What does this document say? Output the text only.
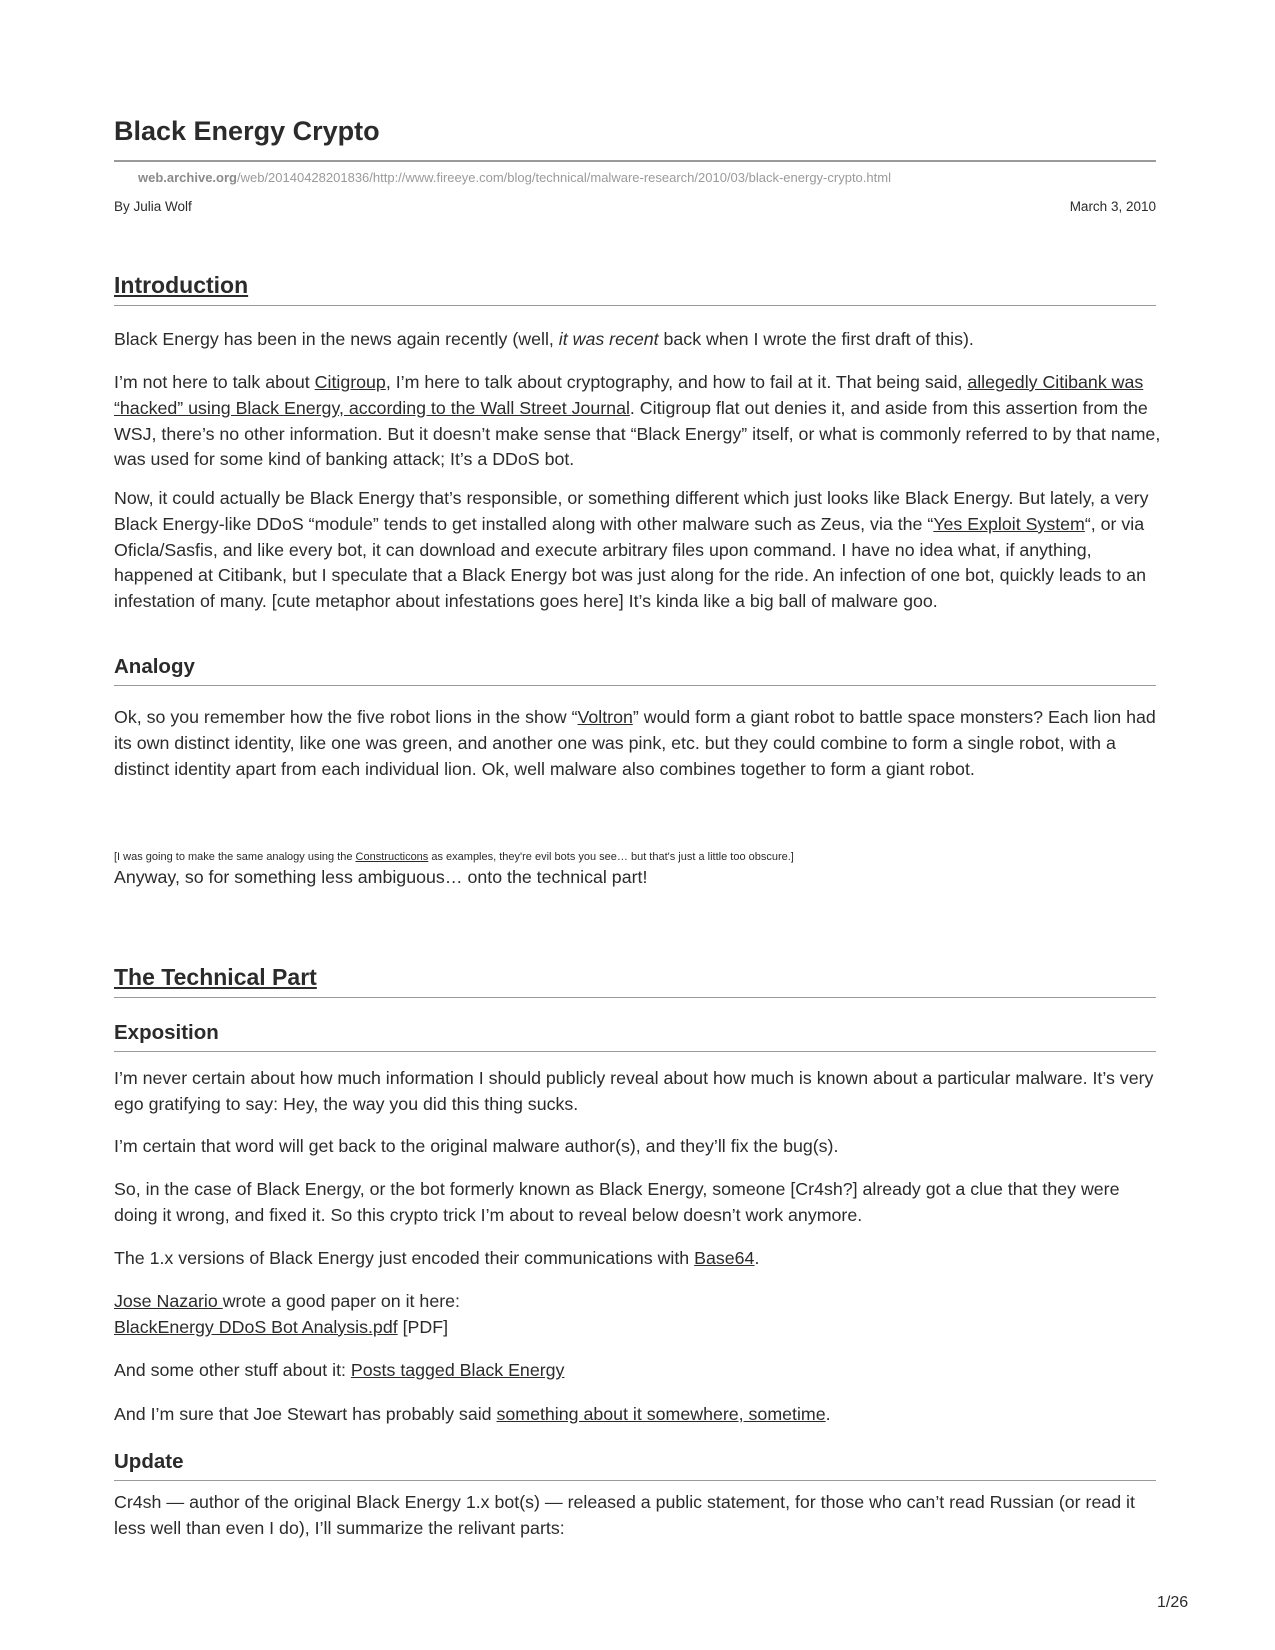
Black Energy Crypto
web.archive.org/web/20140428201836/http://www.fireeye.com/blog/technical/malware-research/2010/03/black-energy-crypto.html
By Julia Wolf	March 3, 2010
Introduction

Black Energy has been in the news again recently (well, it was recent back when I wrote the first draft of this).

I’m not here to talk about Citigroup, I’m here to talk about cryptography, and how to fail at it. That being said, allegedly Citibank was “hacked” using Black Energy, according to the Wall Street Journal. Citigroup flat out denies it, and aside from this assertion from the WSJ, there’s no other information. But it doesn’t make sense that “Black Energy” itself, or what is commonly referred to by that name, was used for some kind of banking attack; It’s a DDoS bot.

Now, it could actually be Black Energy that’s responsible, or something different which just looks like Black Energy. But lately, a very Black Energy-like DDoS “module” tends to get installed along with other malware such as Zeus, via the “Yes Exploit System“, or via Oficla/Sasfis, and like every bot, it can download and execute arbitrary files upon command. I have no idea what, if anything, happened at Citibank, but I speculate that a Black Energy bot was just along for the ride. An infection of one bot, quickly leads to an infestation of many. [cute metaphor about infestations goes here] It’s kinda like a big ball of malware goo.

Analogy

Ok, so you remember how the five robot lions in the show “Voltron” would form a giant robot to battle space monsters? Each lion had its own distinct identity, like one was green, and another one was pink, etc. but they could combine to form a single robot, with a distinct identity apart from each individual lion. Ok, well malware also combines together to form a giant robot.

[I was going to make the same analogy using the Constructicons as examples, they're evil bots you see… but that's just a little too obscure.]

Anyway, so for something less ambiguous… onto the technical part!

The Technical Part
Exposition

I’m never certain about how much information I should publicly reveal about how much is known about a particular malware. It’s very ego gratifying to say: Hey, the way you did this thing sucks.

I’m certain that word will get back to the original malware author(s), and they’ll fix the bug(s).

So, in the case of Black Energy, or the bot formerly known as Black Energy, someone [Cr4sh?] already got a clue that they were doing it wrong, and fixed it. So this crypto trick I’m about to reveal below doesn’t work anymore.

The 1.x versions of Black Energy just encoded their communications with Base64.

Jose Nazario wrote a good paper on it here:
BlackEnergy DDoS Bot Analysis.pdf [PDF]

And some other stuff about it: Posts tagged Black Energy

And I’m sure that Joe Stewart has probably said something about it somewhere, sometime.

Update

Cr4sh — author of the original Black Energy 1.x bot(s) — released a public statement, for those who can’t read Russian (or read it less well than even I do), I’ll summarize the relivant parts:

1/26
